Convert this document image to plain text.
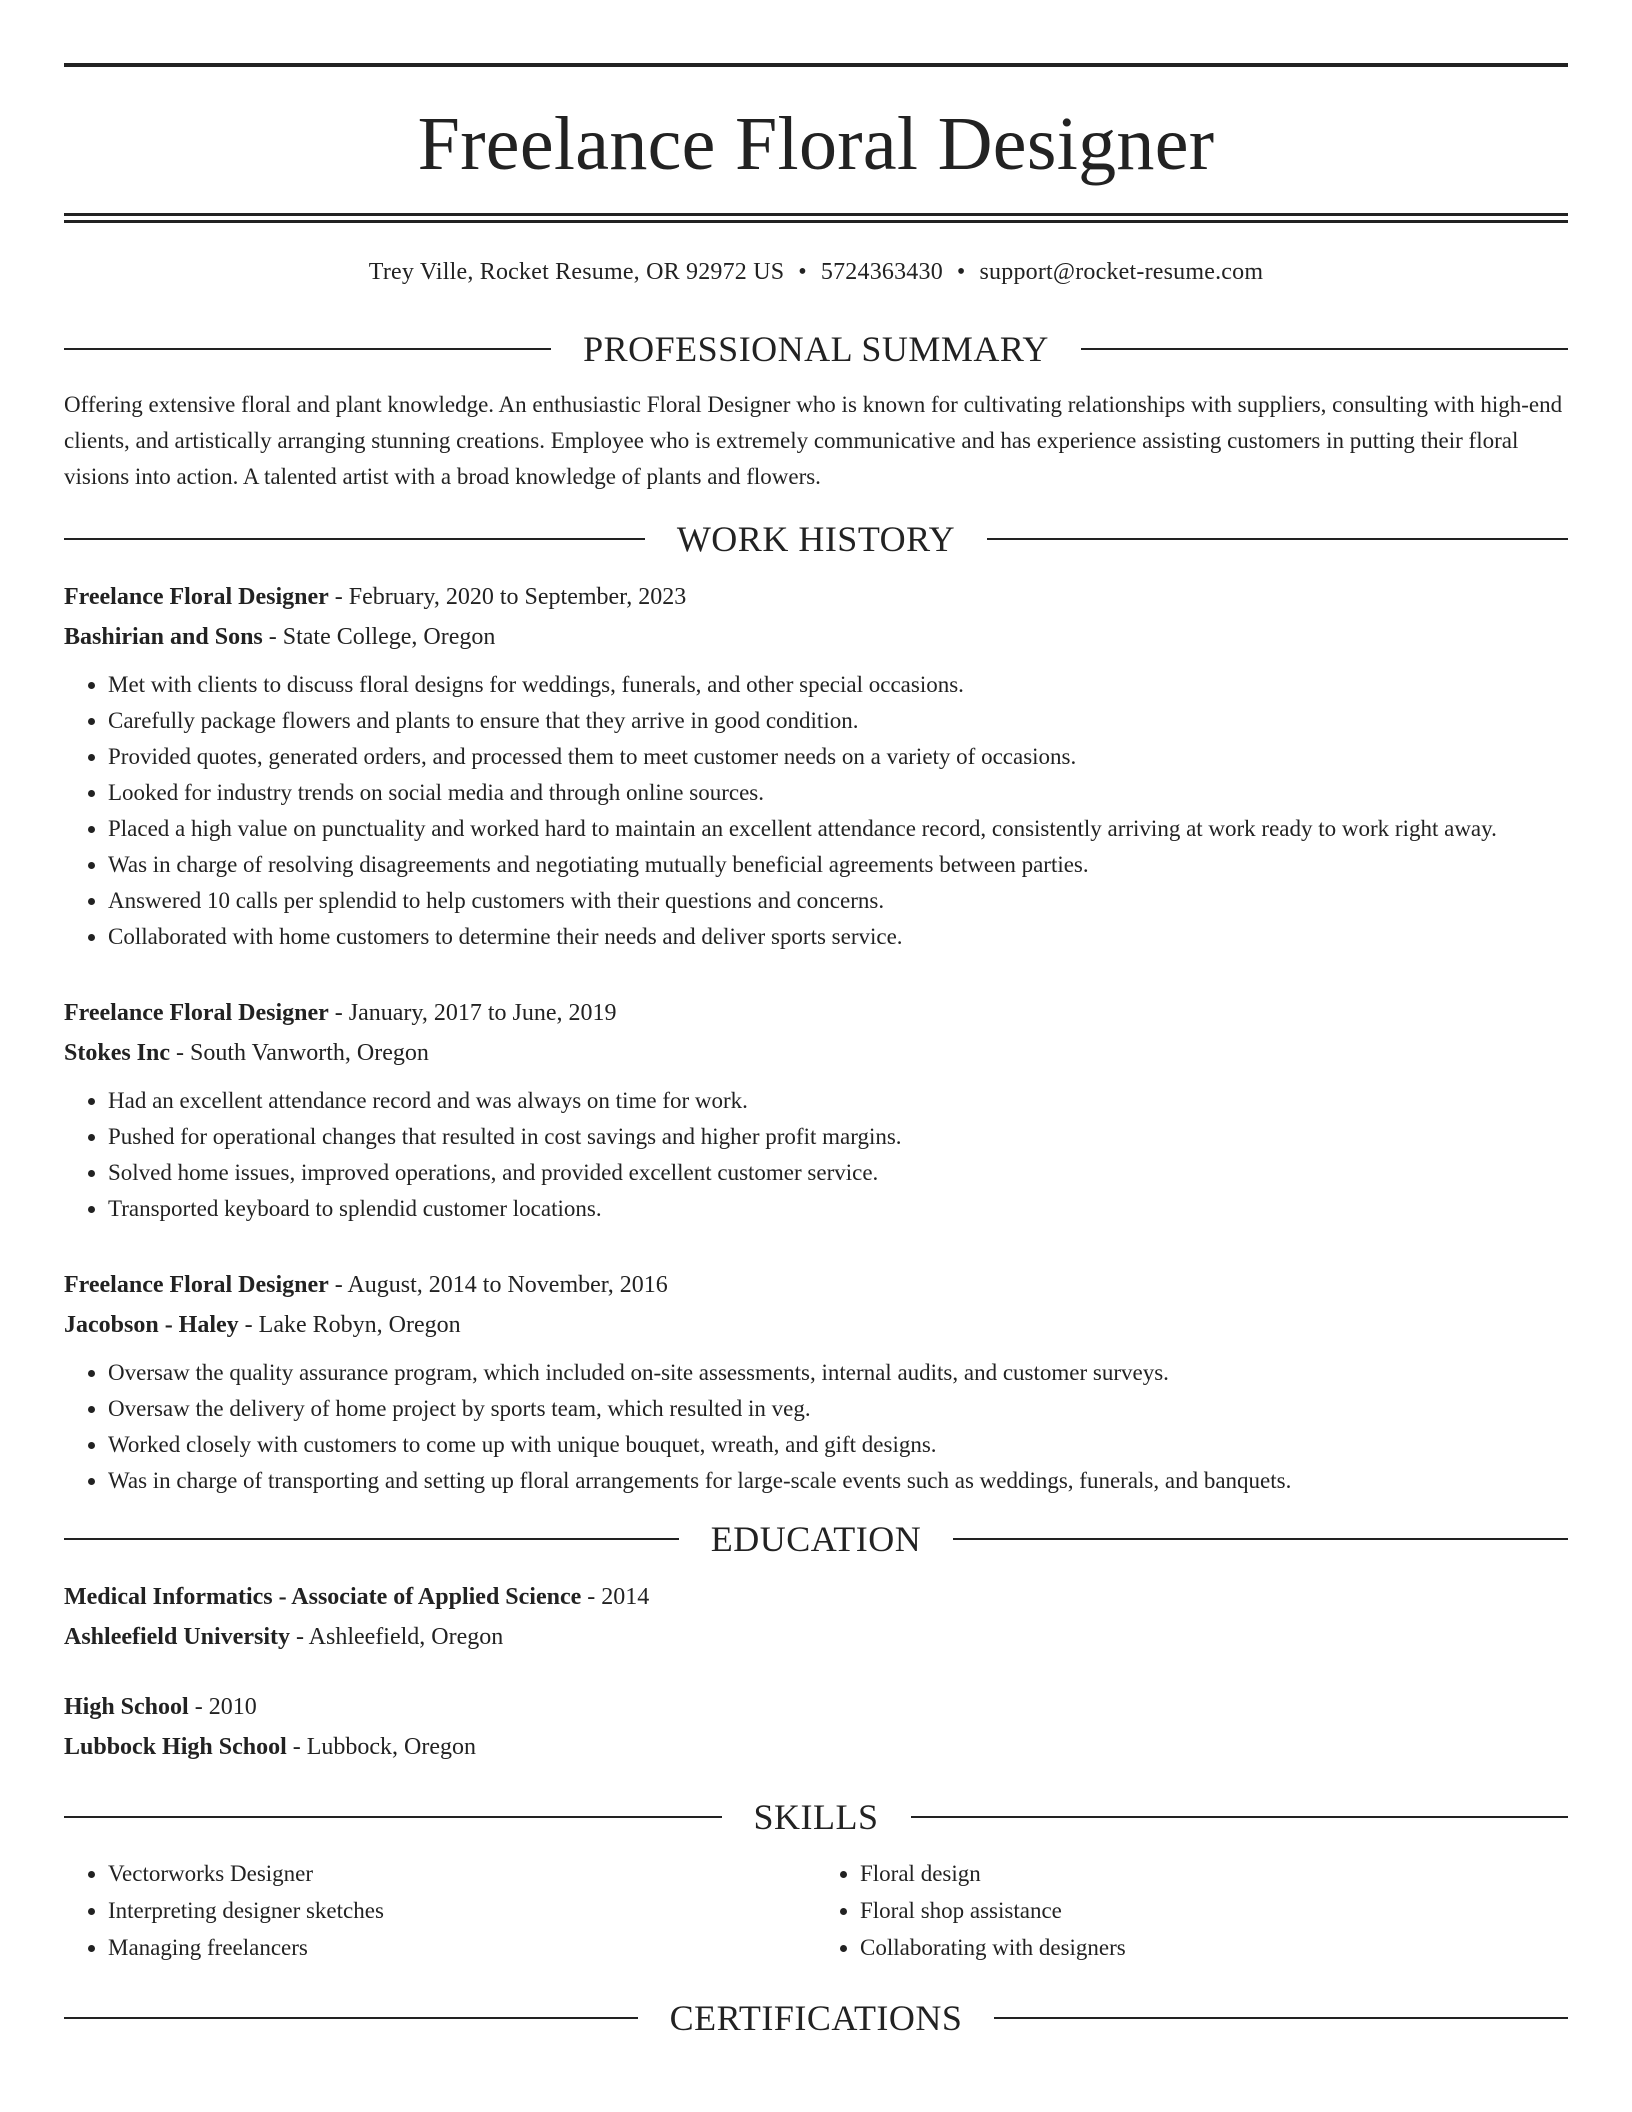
Freelance Floral Designer
Trey Ville, Rocket Resume, OR 92972 US • 5724363430 • support@rocket-resume.com
PROFESSIONAL SUMMARY
Offering extensive floral and plant knowledge. An enthusiastic Floral Designer who is known for cultivating relationships with suppliers, consulting with high-end clients, and artistically arranging stunning creations. Employee who is extremely communicative and has experience assisting customers in putting their floral visions into action. A talented artist with a broad knowledge of plants and flowers.
WORK HISTORY
Freelance Floral Designer - February, 2020 to September, 2023
Bashirian and Sons - State College, Oregon
• Met with clients to discuss floral designs for weddings, funerals, and other special occasions.
• Carefully package flowers and plants to ensure that they arrive in good condition.
• Provided quotes, generated orders, and processed them to meet customer needs on a variety of occasions.
• Looked for industry trends on social media and through online sources.
• Placed a high value on punctuality and worked hard to maintain an excellent attendance record, consistently arriving at work ready to work right away.
• Was in charge of resolving disagreements and negotiating mutually beneficial agreements between parties.
• Answered 10 calls per splendid to help customers with their questions and concerns.
• Collaborated with home customers to determine their needs and deliver sports service.
Freelance Floral Designer - January, 2017 to June, 2019
Stokes Inc - South Vanworth, Oregon
• Had an excellent attendance record and was always on time for work.
• Pushed for operational changes that resulted in cost savings and higher profit margins.
• Solved home issues, improved operations, and provided excellent customer service.
• Transported keyboard to splendid customer locations.
Freelance Floral Designer - August, 2014 to November, 2016
Jacobson - Haley - Lake Robyn, Oregon
• Oversaw the quality assurance program, which included on-site assessments, internal audits, and customer surveys.
• Oversaw the delivery of home project by sports team, which resulted in veg.
• Worked closely with customers to come up with unique bouquet, wreath, and gift designs.
• Was in charge of transporting and setting up floral arrangements for large-scale events such as weddings, funerals, and banquets.
EDUCATION
Medical Informatics - Associate of Applied Science - 2014
Ashleefield University - Ashleefield, Oregon
High School - 2010
Lubbock High School - Lubbock, Oregon
SKILLS
• Vectorworks Designer
• Interpreting designer sketches
• Managing freelancers
• Floral design
• Floral shop assistance
• Collaborating with designers
CERTIFICATIONS
